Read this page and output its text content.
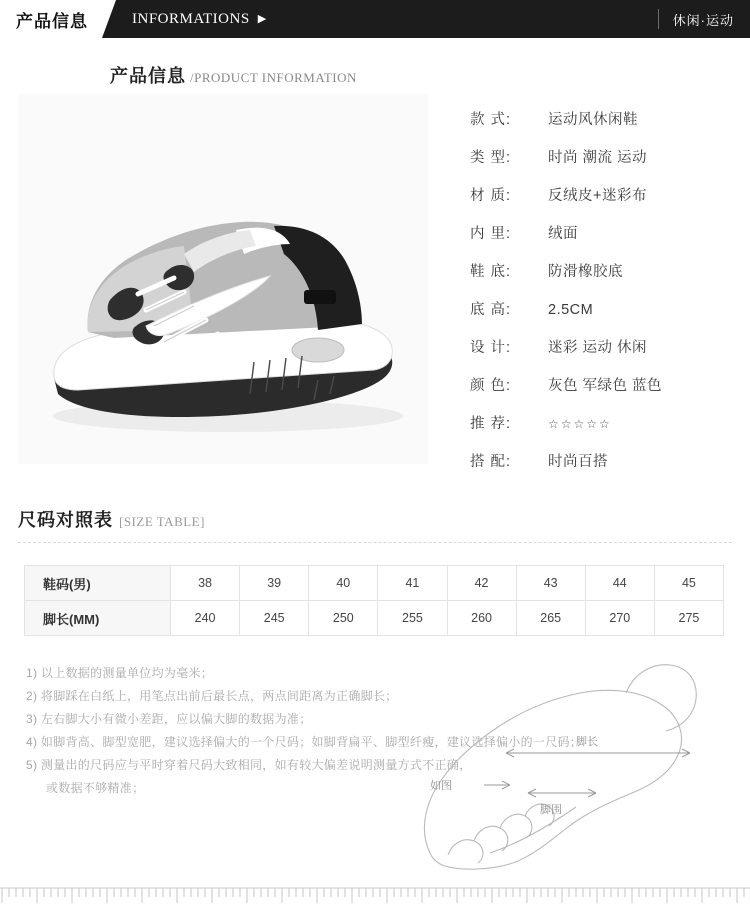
产品信息	INFORMATIONS ▶	休闲·运动
产品信息 /PRODUCT INFORMATION
款 式:	运动风休闲鞋
类 型:	时尚 潮流 运动
材 质:	反绒皮+迷彩布
内 里:	绒面
鞋 底:	防滑橡胶底
底 高:	2.5CM
设 计:	迷彩 运动 休闲
颜 色:	灰色 军绿色 蓝色
推 荐:	☆☆☆☆☆
搭 配:	时尚百搭
尺码对照表 [SIZE TABLE]
鞋码(男)	38	39	40	41	42	43	44	45
脚长(MM)	240	245	250	255	260	265	270	275
1) 以上数据的测量单位均为毫米；
2) 将脚踩在白纸上，用笔点出前后最长点，两点间距离为正确脚长；
3) 左右脚大小有微小差距，应以偏大脚的数据为准；
4) 如脚背高、脚型宽肥，建议选择偏大的一个尺码；如脚背扁平、脚型纤瘦，建议选择偏小的一尺码；
5) 测量出的尺码应与平时穿着尺码大致相同，如有较大偏差说明测量方式不正确，
或数据不够精准；
脚长
脚围
如图
